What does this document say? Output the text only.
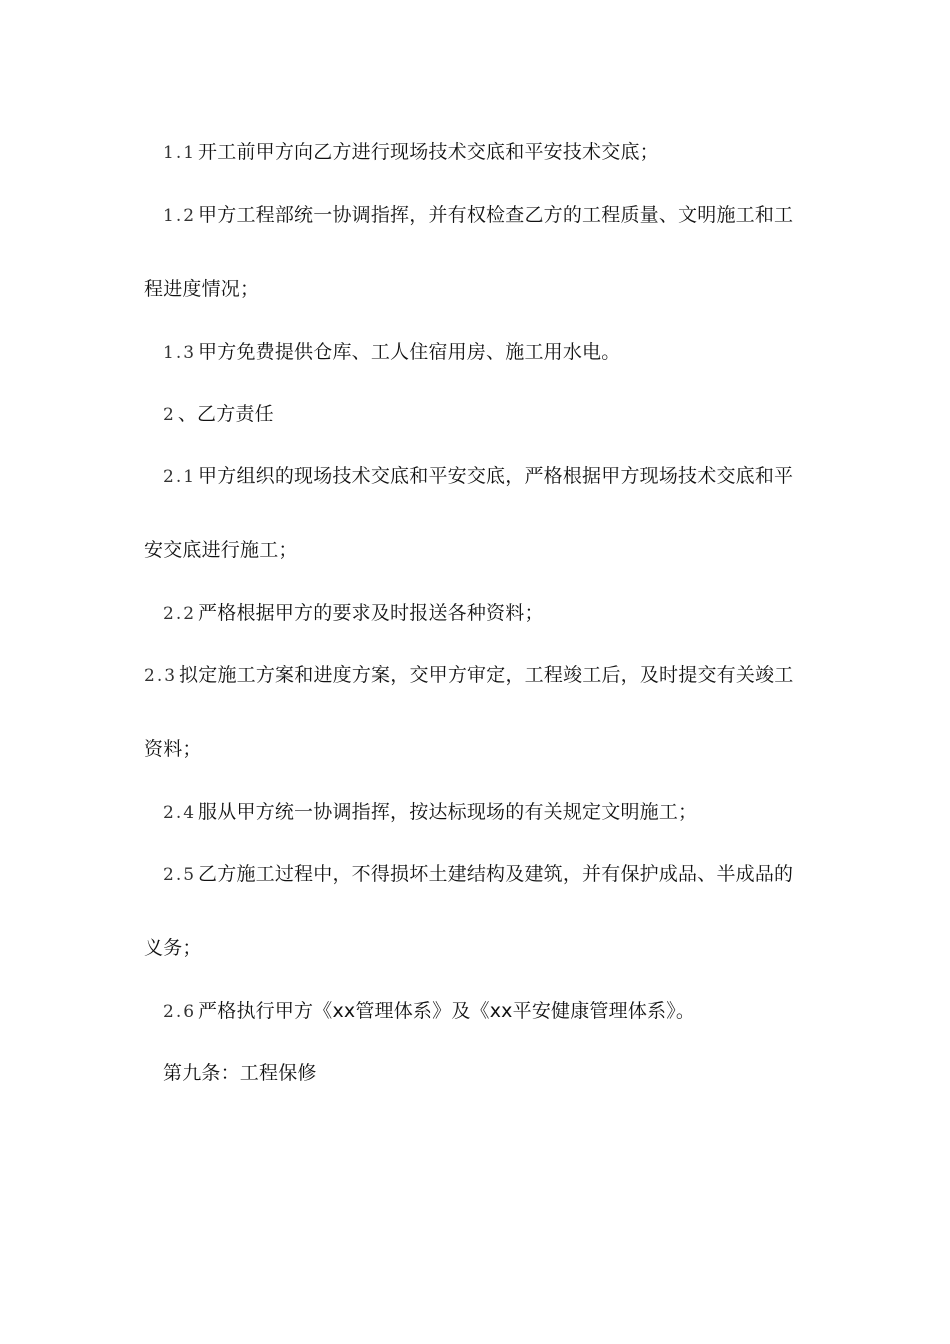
1.1 开工前甲方向乙方进行现场技术交底和平安技术交底；
1.2 甲方工程部统一协调指挥，并有权检查乙方的工程质量、文明施工和工
程进度情况；
1.3 甲方免费提供仓库、工人住宿用房、施工用水电。
2 、乙方责任
2.1 甲方组织的现场技术交底和平安交底，严格根据甲方现场技术交底和平
安交底进行施工；
2.2 严格根据甲方的要求及时报送各种资料；
2.3 拟定施工方案和进度方案，交甲方审定，工程竣工后，及时提交有关竣工
资料；
2.4 服从甲方统一协调指挥，按达标现场的有关规定文明施工；
2.5 乙方施工过程中，不得损坏土建结构及建筑，并有保护成品、半成品的
义务；
2.6 严格执行甲方《xx管理体系》及《xx平安健康管理体系》。
第九条：工程保修
